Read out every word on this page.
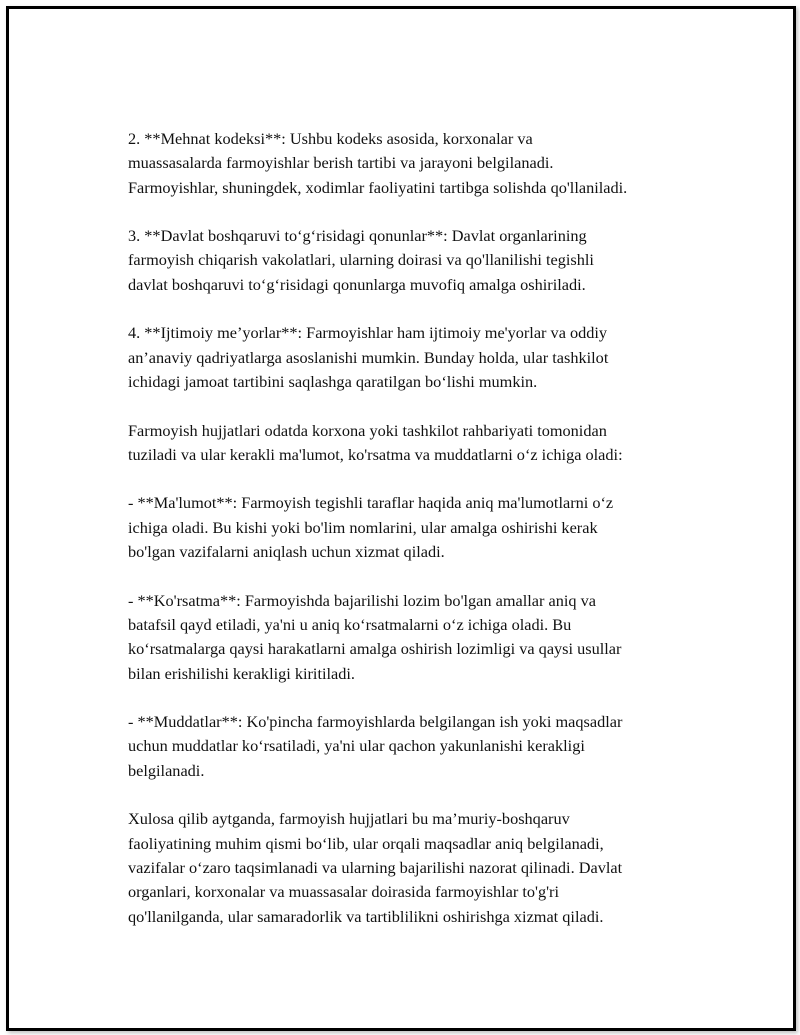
2. **Mehnat kodeksi**: Ushbu kodeks asosida, korxonalar va
muassasalarda farmoyishlar berish tartibi va jarayoni belgilanadi.
Farmoyishlar, shuningdek, xodimlar faoliyatini tartibga solishda qo'llaniladi.

3. **Davlat boshqaruvi to‘g‘risidagi qonunlar**: Davlat organlarining
farmoyish chiqarish vakolatlari, ularning doirasi va qo'llanilishi tegishli
davlat boshqaruvi to‘g‘risidagi qonunlarga muvofiq amalga oshiriladi.

4. **Ijtimoiy me’yorlar**: Farmoyishlar ham ijtimoiy me'yorlar va oddiy
an’anaviy qadriyatlarga asoslanishi mumkin. Bunday holda, ular tashkilot
ichidagi jamoat tartibini saqlashga qaratilgan bo‘lishi mumkin.

Farmoyish hujjatlari odatda korxona yoki tashkilot rahbariyati tomonidan
tuziladi va ular kerakli ma'lumot, ko'rsatma va muddatlarni o‘z ichiga oladi:

- **Ma'lumot**: Farmoyish tegishli taraflar haqida aniq ma'lumotlarni o‘z
ichiga oladi. Bu kishi yoki bo'lim nomlarini, ular amalga oshirishi kerak
bo'lgan vazifalarni aniqlash uchun xizmat qiladi.

- **Ko'rsatma**: Farmoyishda bajarilishi lozim bo'lgan amallar aniq va
batafsil qayd etiladi, ya'ni u aniq ko‘rsatmalarni o‘z ichiga oladi. Bu
ko‘rsatmalarga qaysi harakatlarni amalga oshirish lozimligi va qaysi usullar
bilan erishilishi kerakligi kiritiladi.

- **Muddatlar**: Ko'pincha farmoyishlarda belgilangan ish yoki maqsadlar
uchun muddatlar ko‘rsatiladi, ya'ni ular qachon yakunlanishi kerakligi
belgilanadi.

Xulosa qilib aytganda, farmoyish hujjatlari bu ma’muriy-boshqaruv
faoliyatining muhim qismi bo‘lib, ular orqali maqsadlar aniq belgilanadi,
vazifalar o‘zaro taqsimlanadi va ularning bajarilishi nazorat qilinadi. Davlat
organlari, korxonalar va muassasalar doirasida farmoyishlar to'g'ri
qo'llanilganda, ular samaradorlik va tartiblilikni oshirishga xizmat qiladi.
